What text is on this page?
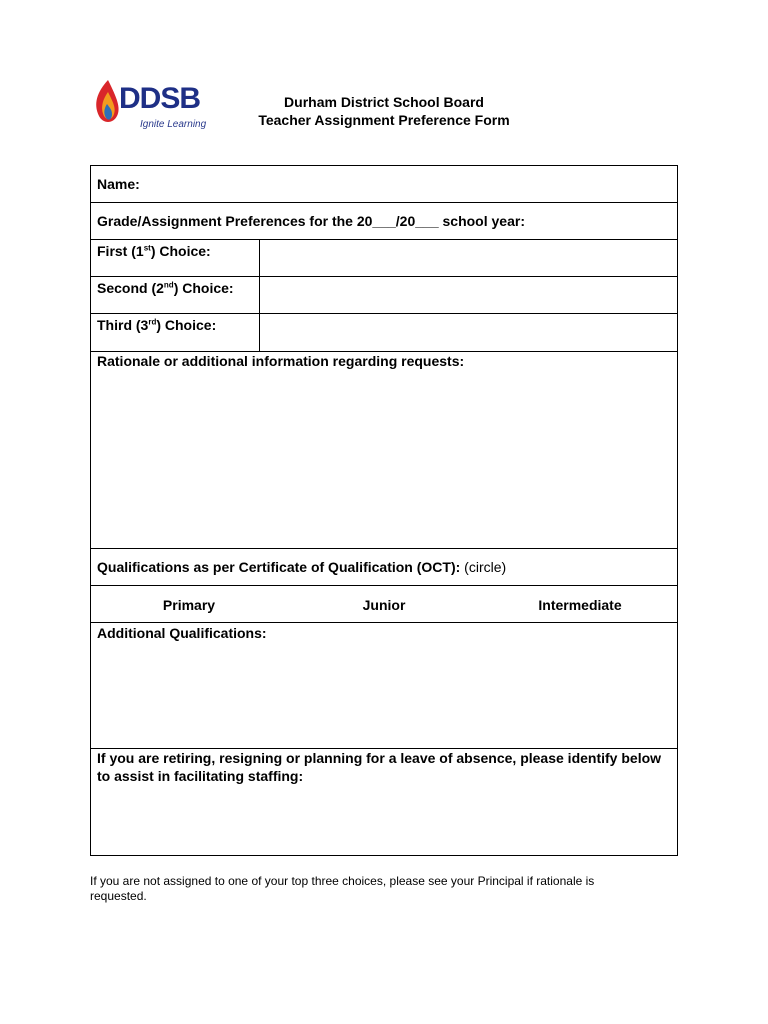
DDSB
Ignite Learning
Durham District School Board
Teacher Assignment Preference Form
Name:
Grade/Assignment Preferences for the 20___/20___ school year:
First (1st) Choice:
Second (2nd) Choice:
Third (3rd) Choice:
Rationale or additional information regarding requests:
Qualifications as per Certificate of Qualification (OCT): (circle)
Primary	Junior	Intermediate
Additional Qualifications:
If you are retiring, resigning or planning for a leave of absence, please identify below to assist in facilitating staffing:
If you are not assigned to one of your top three choices, please see your Principal if rationale is requested.
